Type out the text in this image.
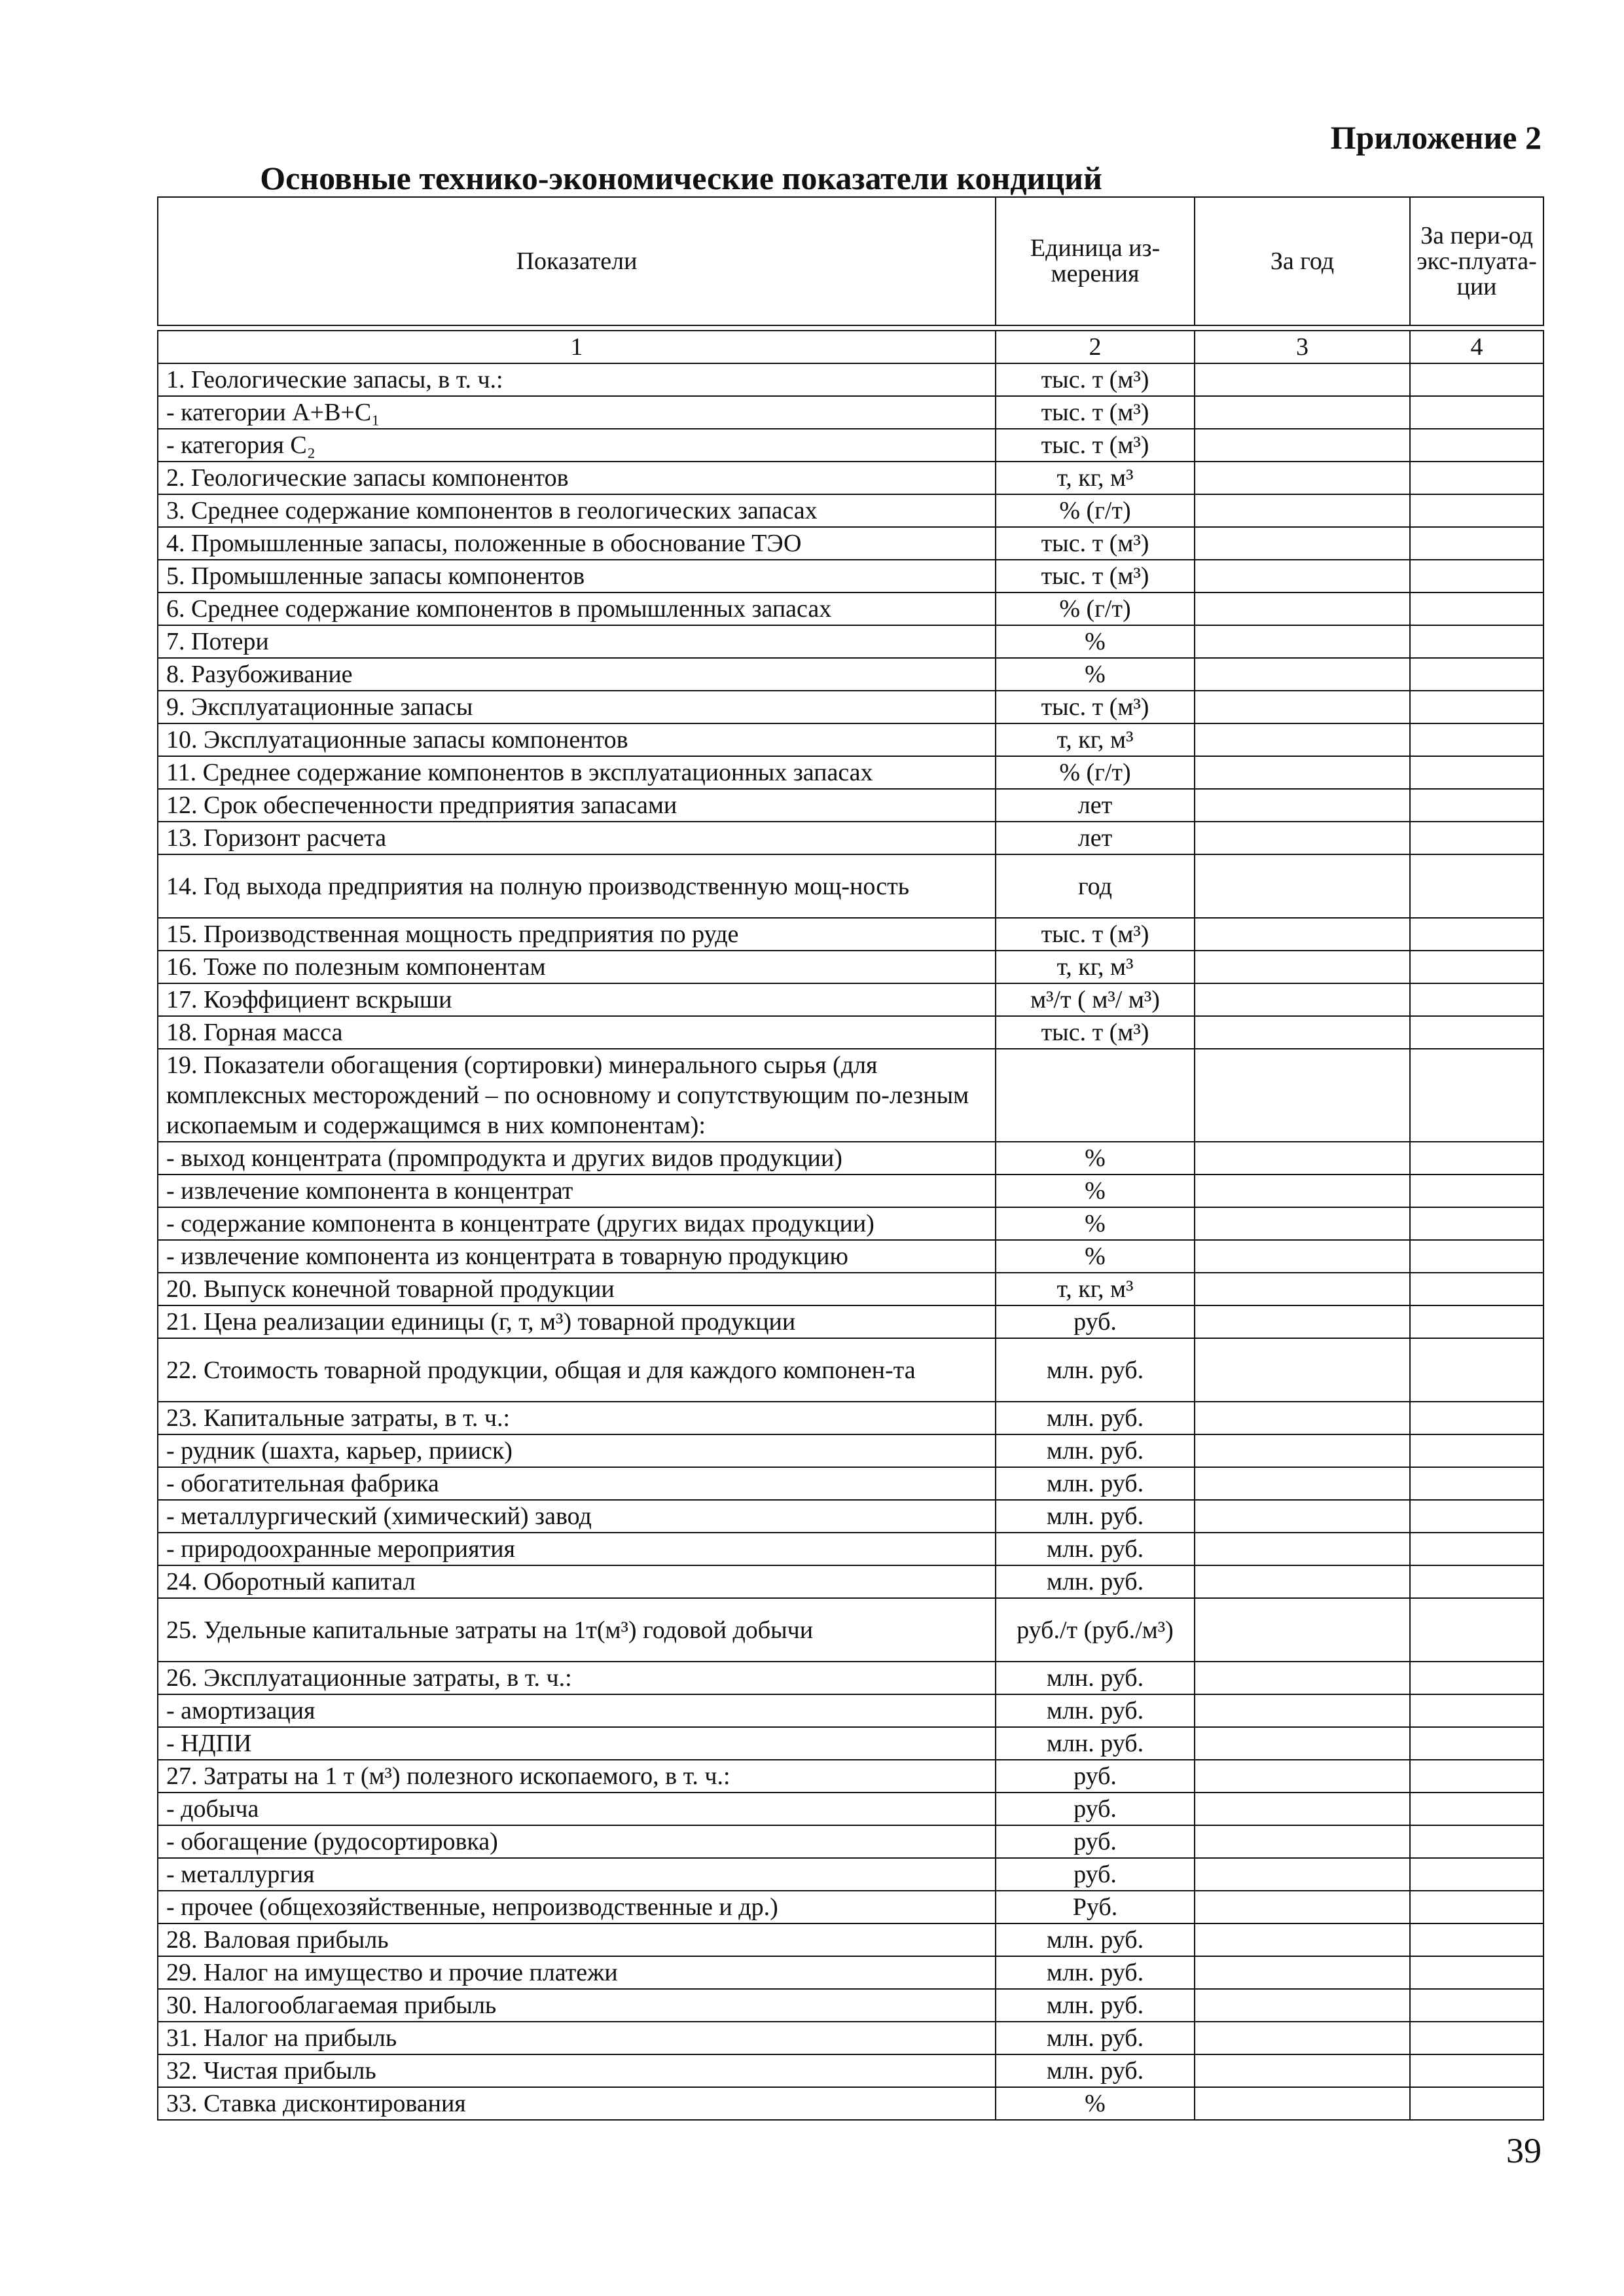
Приложение 2
Основные технико-экономические показатели кондиций
Показатели	Единица из-мерения	За год	За пери-од экс-плуата-ции
1	2	3	4
1. Геологические запасы, в т. ч.:	тыс. т (м³)		
- категории А+В+С₁	тыс. т (м³)		
- категория С₂	тыс. т (м³)		
2. Геологические запасы компонентов	т, кг, м³		
3. Среднее содержание компонентов в геологических запасах	% (г/т)		
4. Промышленные запасы, положенные в обоснование ТЭО	тыс. т (м³)		
5. Промышленные запасы компонентов	тыс. т (м³)		
6. Среднее содержание компонентов в промышленных запасах	% (г/т)		
7. Потери	%		
8. Разубоживание	%		
9. Эксплуатационные запасы	тыс. т (м³)		
10. Эксплуатационные запасы компонентов	т, кг, м³		
11. Среднее содержание компонентов в эксплуатационных запасах	% (г/т)		
12. Срок обеспеченности предприятия запасами	лет		
13. Горизонт расчета	лет		
14. Год выхода предприятия на полную производственную мощ-ность	год		
15. Производственная мощность предприятия по руде	тыс. т (м³)		
16. Тоже по полезным компонентам	т, кг, м³		
17. Коэффициент вскрыши	м³/т ( м³/ м³)		
18. Горная масса	тыс. т (м³)		
19. Показатели обогащения (сортировки) минерального сырья (для комплексных месторождений – по основному и сопутствующим по-лезным ископаемым и содержащимся в них компонентам):			
- выход концентрата (промпродукта и других видов продукции)	%		
- извлечение компонента в концентрат	%		
- содержание компонента в концентрате (других видах продукции)	%		
- извлечение компонента из концентрата в товарную продукцию	%		
20. Выпуск конечной товарной продукции	т, кг, м³		
21. Цена реализации единицы (г, т, м³) товарной продукции	руб.		
22. Стоимость товарной продукции, общая и для каждого компонен-та	млн. руб.		
23. Капитальные затраты, в т. ч.:	млн. руб.		
- рудник (шахта, карьер, прииск)	млн. руб.		
- обогатительная фабрика	млн. руб.		
- металлургический (химический) завод	млн. руб.		
- природоохранные мероприятия	млн. руб.		
24. Оборотный капитал	млн. руб.		
25. Удельные капитальные затраты на 1т(м³) годовой добычи	руб./т (руб./м³)		
26. Эксплуатационные затраты, в т. ч.:	млн. руб.		
- амортизация	млн. руб.		
- НДПИ	млн. руб.		
27. Затраты на 1 т (м³) полезного ископаемого, в т. ч.:	руб.		
- добыча	руб.		
- обогащение (рудосортировка)	руб.		
- металлургия	руб.		
- прочее (общехозяйственные, непроизводственные и др.)	Руб.		
28. Валовая прибыль	млн. руб.		
29. Налог на имущество и прочие платежи	млн. руб.		
30. Налогооблагаемая прибыль	млн. руб.		
31. Налог на прибыль	млн. руб.		
32. Чистая прибыль	млн. руб.		
33. Ставка дисконтирования	%		
39
